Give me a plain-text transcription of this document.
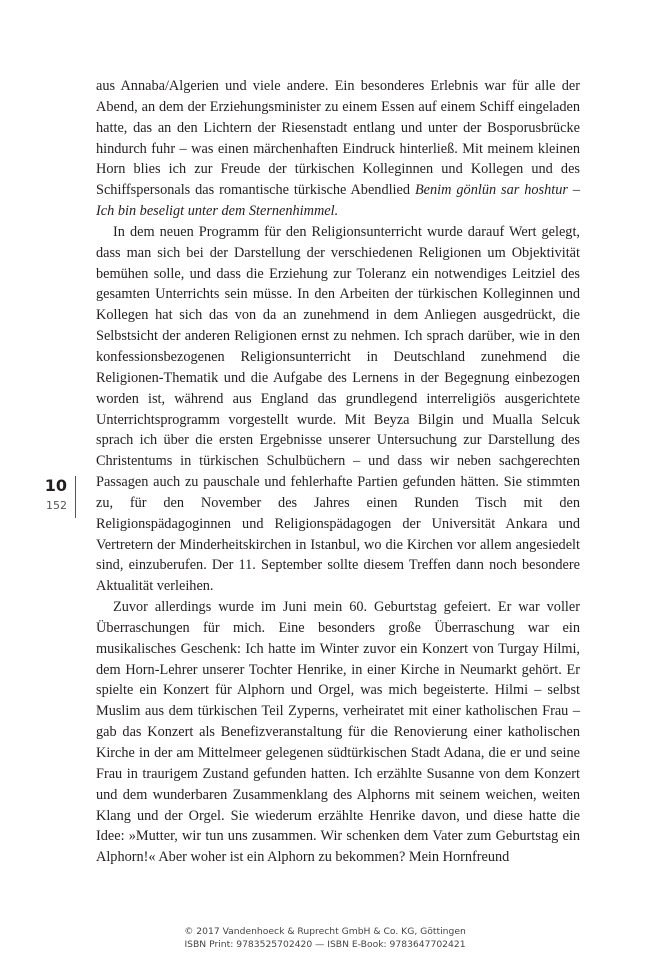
10
152

aus Annaba/Algerien und viele andere. Ein besonderes Erlebnis war für alle der Abend, an dem der Erziehungsminister zu einem Essen auf einem Schiff eingeladen hatte, das an den Lichtern der Riesenstadt entlang und unter der Bosporusbrücke hindurch fuhr – was einen märchenhaften Eindruck hinterließ. Mit meinem kleinen Horn blies ich zur Freude der türkischen Kolleginnen und Kollegen und des Schiffspersonals das romantische türkische Abendlied Benim gönlün sar hoshtur – Ich bin beseligt unter dem Sternenhimmel.

In dem neuen Programm für den Religionsunterricht wurde darauf Wert gelegt, dass man sich bei der Darstellung der verschiedenen Religionen um Objektivität bemühen solle, und dass die Erziehung zur Toleranz ein notwendiges Leitziel des gesamten Unterrichts sein müsse. In den Arbeiten der türkischen Kolleginnen und Kollegen hat sich das von da an zunehmend in dem Anliegen ausgedrückt, die Selbstsicht der anderen Religionen ernst zu nehmen. Ich sprach darüber, wie in den konfessionsbezogenen Religionsunterricht in Deutschland zunehmend die Religionen-Thematik und die Aufgabe des Lernens in der Begegnung einbezogen worden ist, während aus England das grundlegend interreligiös ausgerichtete Unterrichtsprogramm vorgestellt wurde. Mit Beyza Bilgin und Mualla Selcuk sprach ich über die ersten Ergebnisse unserer Untersuchung zur Darstellung des Christentums in türkischen Schulbüchern – und dass wir neben sachgerechten Passagen auch zu pauschale und fehlerhafte Partien gefunden hätten. Sie stimmten zu, für den November des Jahres einen Runden Tisch mit den Religionspädagoginnen und Religionspädagogen der Universität Ankara und Vertretern der Minderheitskirchen in Istanbul, wo die Kirchen vor allem angesiedelt sind, einzuberufen. Der 11. September sollte diesem Treffen dann noch besondere Aktualität verleihen.

Zuvor allerdings wurde im Juni mein 60. Geburtstag gefeiert. Er war voller Überraschungen für mich. Eine besonders große Überraschung war ein musikalisches Geschenk: Ich hatte im Winter zuvor ein Konzert von Turgay Hilmi, dem Horn-Lehrer unserer Tochter Henrike, in einer Kirche in Neumarkt gehört. Er spielte ein Konzert für Alphorn und Orgel, was mich begeisterte. Hilmi – selbst Muslim aus dem türkischen Teil Zyperns, verheiratet mit einer katholischen Frau – gab das Konzert als Benefizveranstaltung für die Renovierung einer katholischen Kirche in der am Mittelmeer gelegenen südtürkischen Stadt Adana, die er und seine Frau in traurigem Zustand gefunden hatten. Ich erzählte Susanne von dem Konzert und dem wunderbaren Zusammenklang des Alphorns mit seinem weichen, weiten Klang und der Orgel. Sie wiederum erzählte Henrike davon, und diese hatte die Idee: »Mutter, wir tun uns zusammen. Wir schenken dem Vater zum Geburtstag ein Alphorn!« Aber woher ist ein Alphorn zu bekommen? Mein Hornfreund

© 2017 Vandenhoeck & Ruprecht GmbH & Co. KG, Göttingen
ISBN Print: 9783525702420 — ISBN E-Book: 9783647702421
